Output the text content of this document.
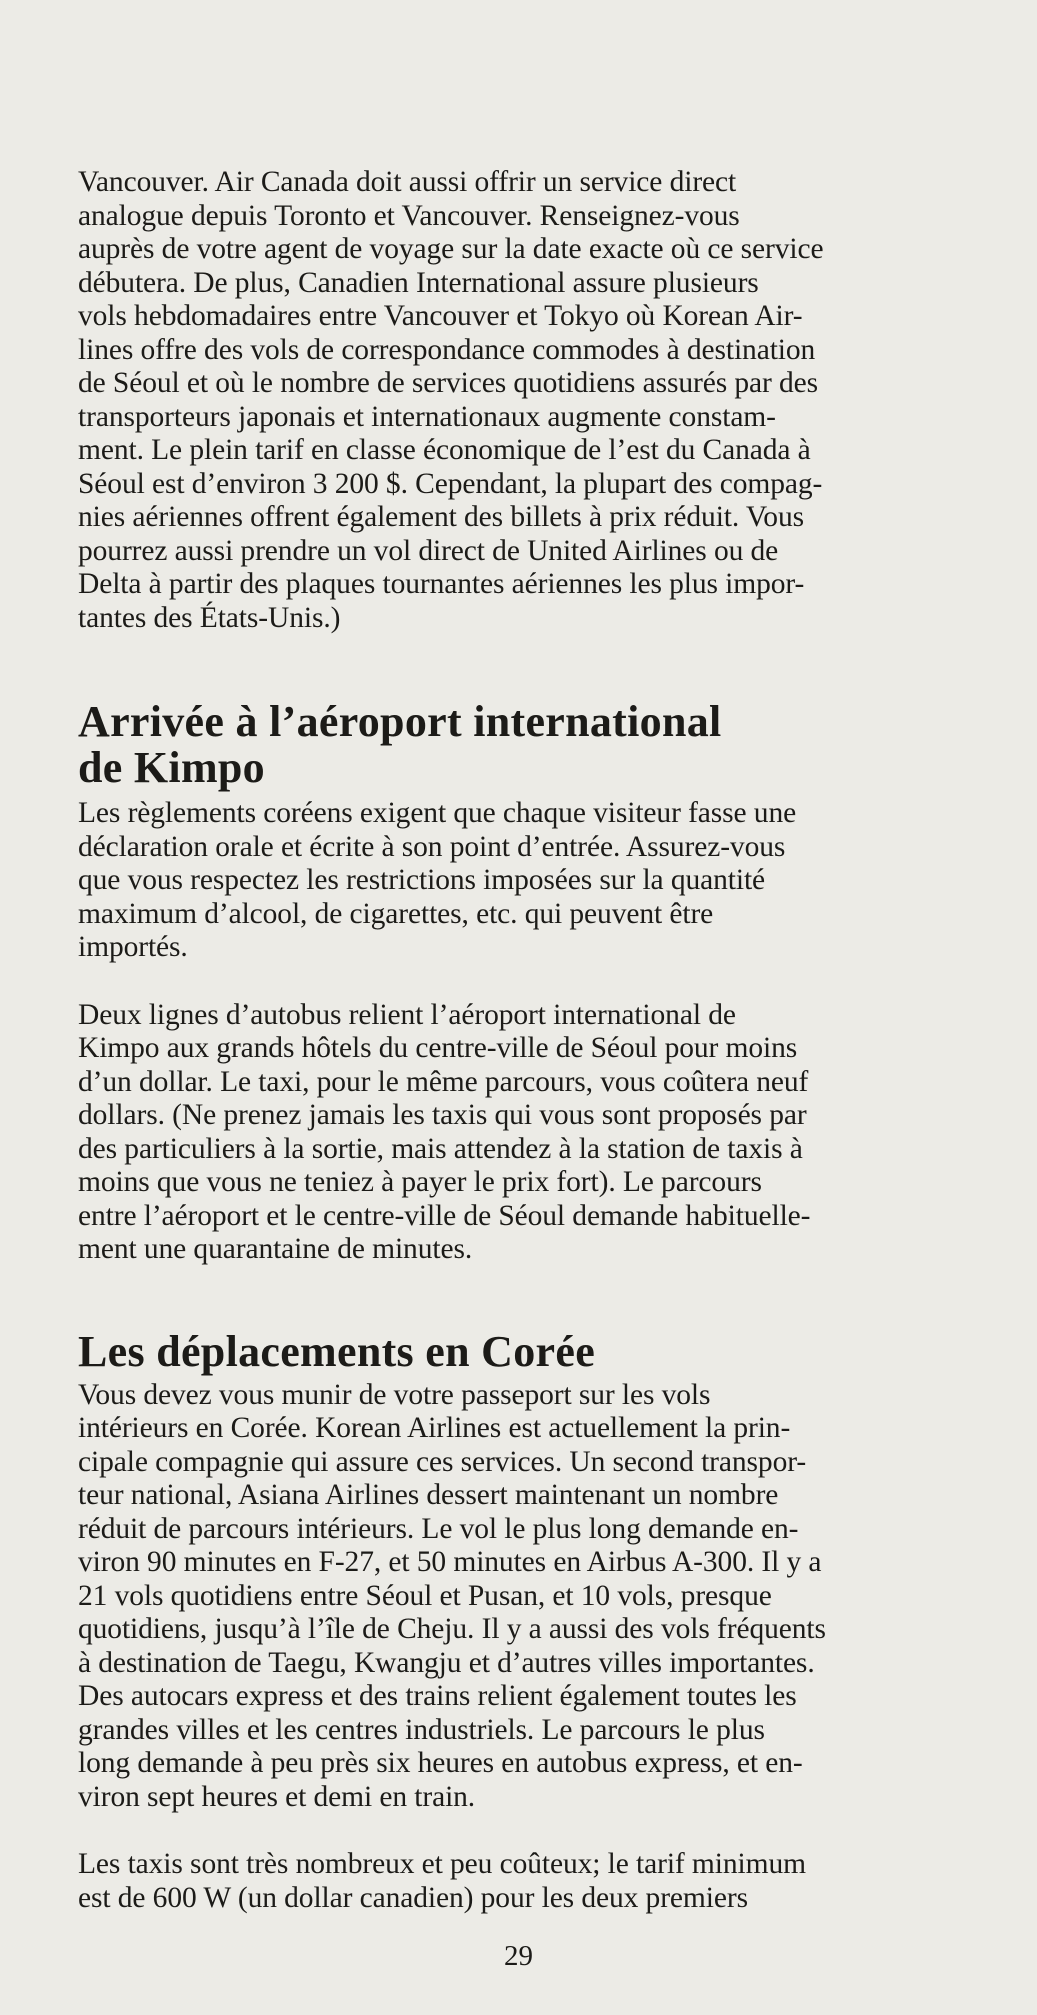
Vancouver. Air Canada doit aussi offrir un service direct
analogue depuis Toronto et Vancouver. Renseignez-vous
auprès de votre agent de voyage sur la date exacte où ce service
débutera. De plus, Canadien International assure plusieurs
vols hebdomadaires entre Vancouver et Tokyo où Korean Air-
lines offre des vols de correspondance commodes à destination
de Séoul et où le nombre de services quotidiens assurés par des
transporteurs japonais et internationaux augmente constam-
ment. Le plein tarif en classe économique de l’est du Canada à
Séoul est d’environ 3 200 $. Cependant, la plupart des compag-
nies aériennes offrent également des billets à prix réduit. Vous
pourrez aussi prendre un vol direct de United Airlines ou de
Delta à partir des plaques tournantes aériennes les plus impor-
tantes des États-Unis.)
Arrivée à l’aéroport international
de Kimpo
Les règlements coréens exigent que chaque visiteur fasse une
déclaration orale et écrite à son point d’entrée. Assurez-vous
que vous respectez les restrictions imposées sur la quantité
maximum d’alcool, de cigarettes, etc. qui peuvent être
importés.
Deux lignes d’autobus relient l’aéroport international de
Kimpo aux grands hôtels du centre-ville de Séoul pour moins
d’un dollar. Le taxi, pour le même parcours, vous coûtera neuf
dollars. (Ne prenez jamais les taxis qui vous sont proposés par
des particuliers à la sortie, mais attendez à la station de taxis à
moins que vous ne teniez à payer le prix fort). Le parcours
entre l’aéroport et le centre-ville de Séoul demande habituelle-
ment une quarantaine de minutes.
Les déplacements en Corée
Vous devez vous munir de votre passeport sur les vols
intérieurs en Corée. Korean Airlines est actuellement la prin-
cipale compagnie qui assure ces services. Un second transpor-
teur national, Asiana Airlines dessert maintenant un nombre
réduit de parcours intérieurs. Le vol le plus long demande en-
viron 90 minutes en F-27, et 50 minutes en Airbus A-300. Il y a
21 vols quotidiens entre Séoul et Pusan, et 10 vols, presque
quotidiens, jusqu’à l’île de Cheju. Il y a aussi des vols fréquents
à destination de Taegu, Kwangju et d’autres villes importantes.
Des autocars express et des trains relient également toutes les
grandes villes et les centres industriels. Le parcours le plus
long demande à peu près six heures en autobus express, et en-
viron sept heures et demi en train.
Les taxis sont très nombreux et peu coûteux; le tarif minimum
est de 600 W (un dollar canadien) pour les deux premiers
29
